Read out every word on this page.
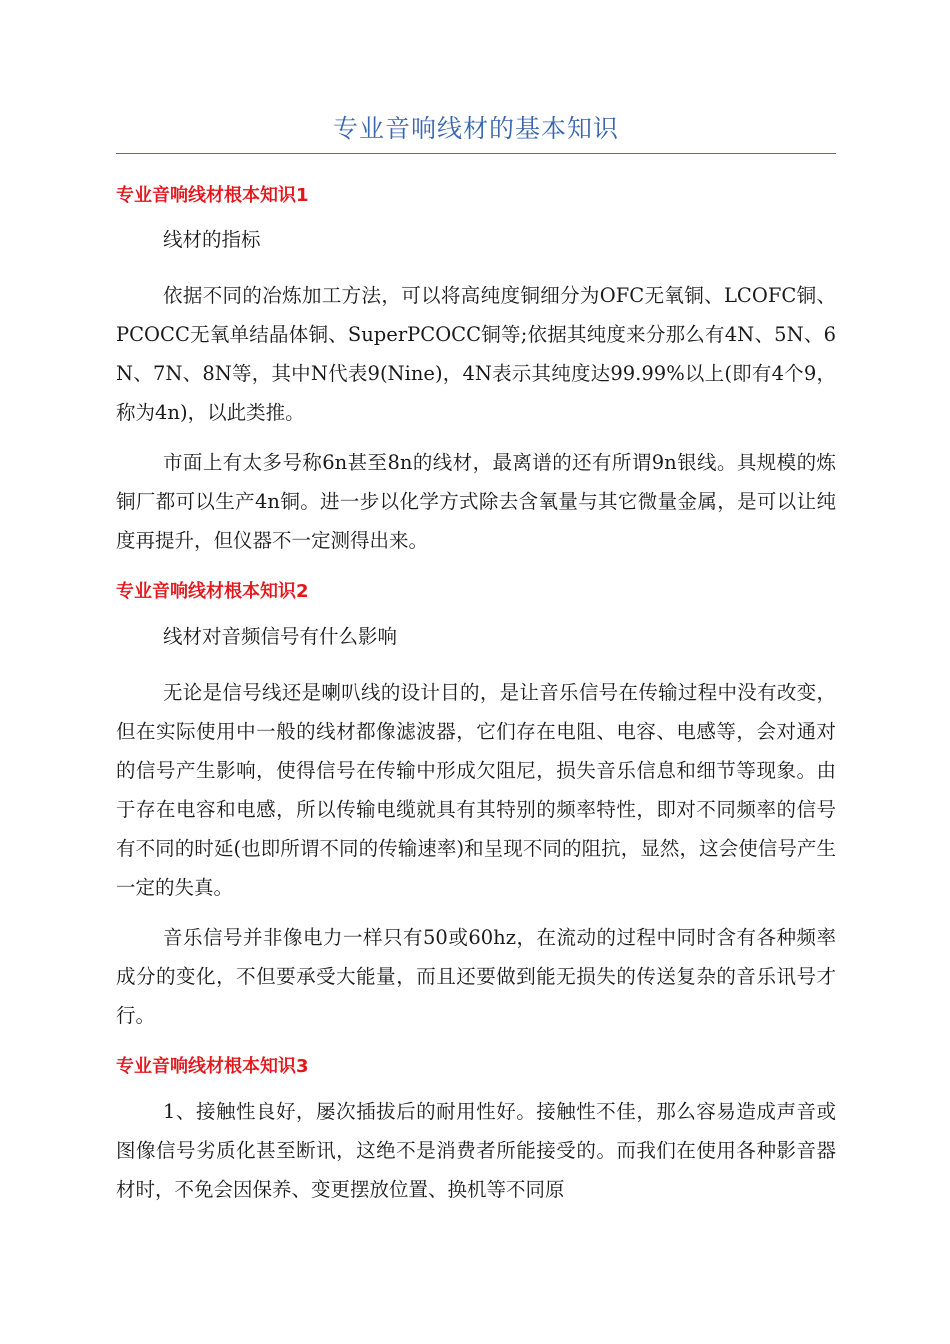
专业音响线材的基本知识
专业音响线材根本知识1

线材的指标

依据不同的冶炼加工方法，可以将高纯度铜细分为OFC无氧铜、LCOFC铜、PCOCC无氧单结晶体铜、SuperPCOCC铜等;依据其纯度来分那么有4N、5N、6N、7N、8N等，其中N代表9(Nine)，4N表示其纯度达99.99%以上(即有4个9，称为4n)，以此类推。

市面上有太多号称6n甚至8n的线材，最离谱的还有所谓9n银线。具规模的炼铜厂都可以生产4n铜。进一步以化学方式除去含氧量与其它微量金属，是可以让纯度再提升，但仪器不一定测得出来。

专业音响线材根本知识2

线材对音频信号有什么影响

无论是信号线还是喇叭线的设计目的，是让音乐信号在传输过程中没有改变，但在实际使用中一般的线材都像滤波器，它们存在电阻、电容、电感等，会对通对的信号产生影响，使得信号在传输中形成欠阻尼，损失音乐信息和细节等现象。由于存在电容和电感，所以传输电缆就具有其特别的频率特性，即对不同频率的信号有不同的时延(也即所谓不同的传输速率)和呈现不同的阻抗，显然，这会使信号产生一定的失真。

音乐信号并非像电力一样只有50或60hz，在流动的过程中同时含有各种频率成分的变化，不但要承受大能量，而且还要做到能无损失的传送复杂的音乐讯号才行。

专业音响线材根本知识3

1、接触性良好，屡次插拔后的耐用性好。接触性不佳，那么容易造成声音或图像信号劣质化甚至断讯，这绝不是消费者所能接受的。而我们在使用各种影音器材时，不免会因保养、变更摆放位置、换机等不同原
